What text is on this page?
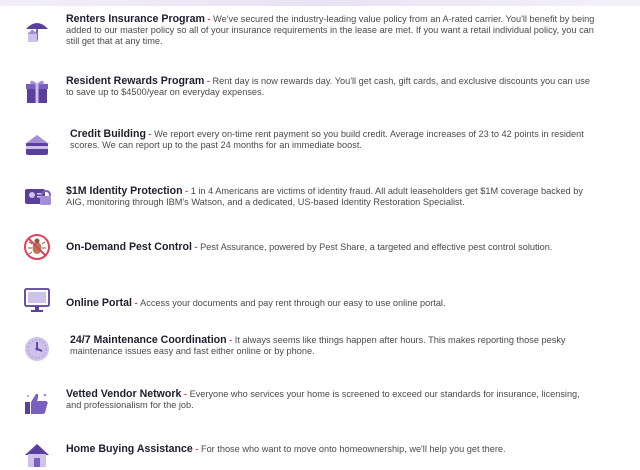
Renters Insurance Program - We've secured the industry-leading value policy from an A-rated carrier. You'll benefit by being added to our master policy so all of your insurance requirements in the lease are met. If you want a retail individual policy, you can still get that at any time.
Resident Rewards Program - Rent day is now rewards day. You'll get cash, gift cards, and exclusive discounts you can use to save up to $4500/year on everyday expenses.
Credit Building - We report every on-time rent payment so you build credit. Average increases of 23 to 42 points in resident scores. We can report up to the past 24 months for an immediate boost.
$1M Identity Protection - 1 in 4 Americans are victims of identity fraud. All adult leaseholders get $1M coverage backed by AIG, monitoring through IBM's Watson, and a dedicated, US-based Identity Restoration Specialist.
On-Demand Pest Control - Pest Assurance, powered by Pest Share, a targeted and effective pest control solution.
Online Portal - Access your documents and pay rent through our easy to use online portal.
24/7 Maintenance Coordination - It always seems like things happen after hours. This makes reporting those pesky maintenance issues easy and fast either online or by phone.
Vetted Vendor Network - Everyone who services your home is screened to exceed our standards for insurance, licensing, and professionalism for the job.
Home Buying Assistance - For those who want to move onto homeownership, we'll help you get there.
